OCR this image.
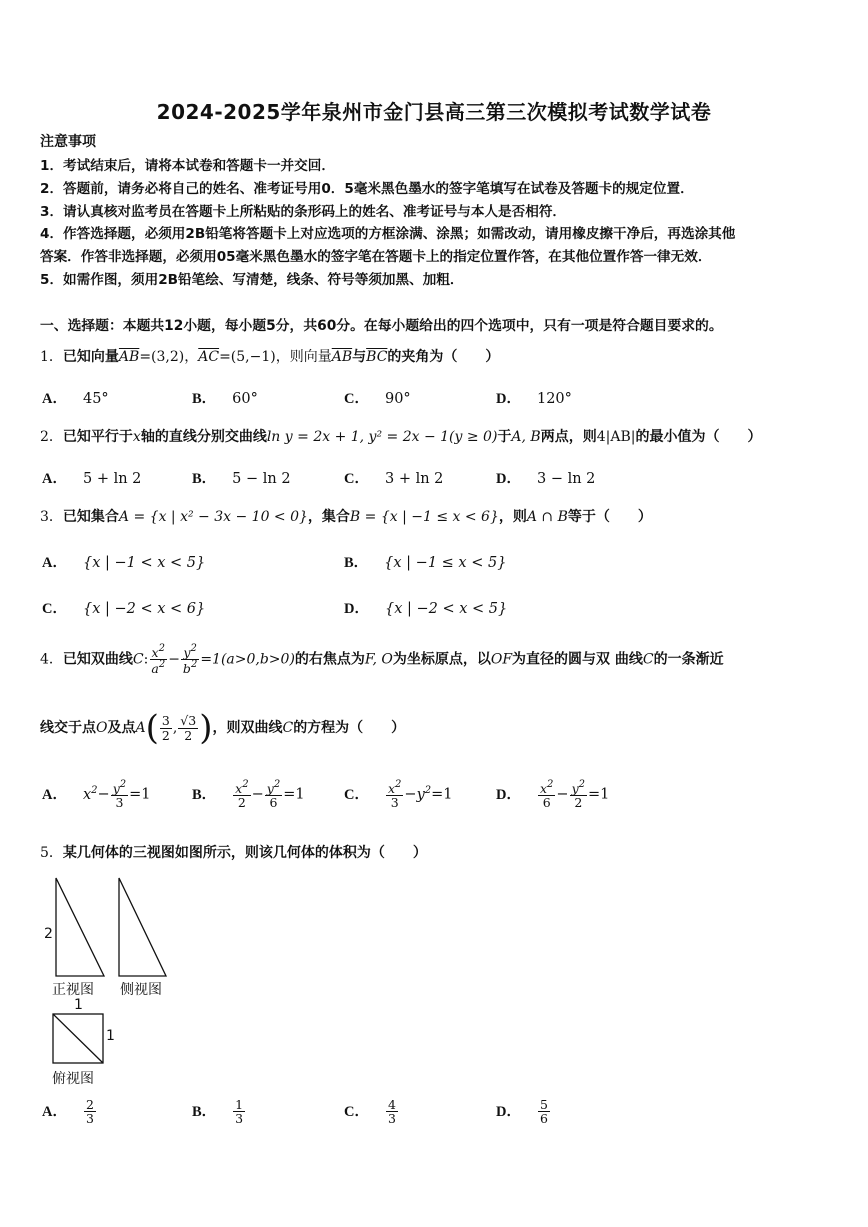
2024-2025学年泉州市金门县高三第三次模拟考试数学试卷
注意事项
1．考试结束后，请将本试卷和答题卡一并交回．
2．答题前，请务必将自己的姓名、准考证号用0．5毫米黑色墨水的签字笔填写在试卷及答题卡的规定位置．
3．请认真核对监考员在答题卡上所粘贴的条形码上的姓名、准考证号与本人是否相符．
4．作答选择题，必须用2B铅笔将答题卡上对应选项的方框涂满、涂黑；如需改动，请用橡皮擦干净后，再选涂其他
答案．作答非选择题，必须用05毫米黑色墨水的签字笔在答题卡上的指定位置作答，在其他位置作答一律无效．
5．如需作图，须用2B铅笔绘、写清楚，线条、符号等须加黑、加粗．
一、选择题：本题共12小题，每小题5分，共60分。在每小题给出的四个选项中，只有一项是符合题目要求的。
1．已知向量$\overline{AB}=(3,2)$，$\overline{AC}=(5,-1)$，则向量$\overline{AB}$与$\overline{BC}$的夹角为（　　）
A． 45°	B． 60°	C． 90°	D． 120°
2．已知平行于x轴的直线分别交曲线ln y = 2x + 1, y² = 2x − 1(y ≥ 0)于A, B两点，则4|AB|的最小值为（　　）
A． 5 + ln 2	B． 5 − ln 2	C． 3 + ln 2	D． 3 − ln 2
3．已知集合A = {x | x² − 3x − 10 < 0}，集合B = {x | −1 ≤ x < 6}，则A ∩ B等于（　　）
A． {x | −1 < x < 5}	B． {x | −1 ≤ x < 5}
C． {x | −2 < x < 6}	D． {x | −2 < x < 5}
4．已知双曲线C: $\frac{x^2}{a^2} - \frac{y^2}{b^2} =1(a>0,b>0)$的右焦点为F, O为坐标原点，以OF为直径的圆与双 曲线C的一条渐近
线交于点O及点$A( \frac{3}{2}$ , $\frac{√3}{2}$ )，则双曲线C的方程为（　　）
A． $x^2- \frac{y^2}{3} =1$	B． $\frac{x^2}{2} - \frac{y^2}{6} =1$	C． $\frac{x^2}{3} -y^2=1$	D． $\frac{x^2}{6} - \frac{y^2}{2} =1$
5．某几何体的三视图如图所示，则该几何体的体积为（　　）
2
正视图 侧视图
1
1
俯视图
A． $\frac{2}{3}$	B． $\frac{1}{3}$	C． $\frac{4}{3}$	D． $\frac{5}{6}$
